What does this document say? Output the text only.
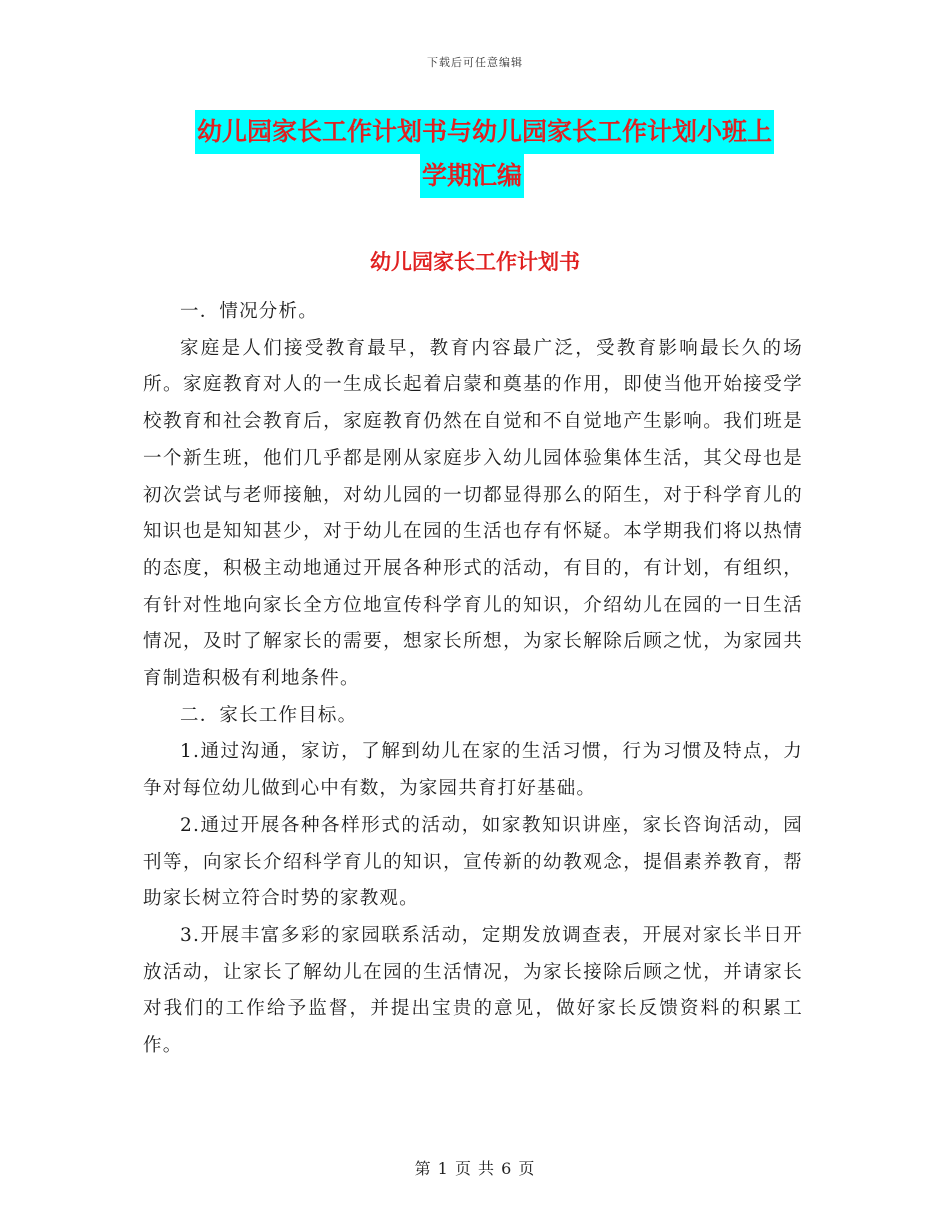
下载后可任意编辑
幼儿园家长工作计划书与幼儿园家长工作计划小班上
学期汇编
幼儿园家长工作计划书

一．情况分析。

家庭是人们接受教育最早，教育内容最广泛，受教育影响最长久的场所。家庭教育对人的一生成长起着启蒙和奠基的作用，即使当他开始接受学校教育和社会教育后，家庭教育仍然在自觉和不自觉地产生影响。我们班是一个新生班，他们几乎都是刚从家庭步入幼儿园体验集体生活，其父母也是初次尝试与老师接触，对幼儿园的一切都显得那么的陌生，对于科学育儿的知识也是知知甚少，对于幼儿在园的生活也存有怀疑。本学期我们将以热情的态度，积极主动地通过开展各种形式的活动，有目的，有计划，有组织，有针对性地向家长全方位地宣传科学育儿的知识，介绍幼儿在园的一日生活情况，及时了解家长的需要，想家长所想，为家长解除后顾之忧，为家园共育制造积极有利地条件。

二．家长工作目标。

1.通过沟通，家访，了解到幼儿在家的生活习惯，行为习惯及特点，力争对每位幼儿做到心中有数，为家园共育打好基础。

2.通过开展各种各样形式的活动，如家教知识讲座，家长咨询活动，园刊等，向家长介绍科学育儿的知识，宣传新的幼教观念，提倡素养教育，帮助家长树立符合时势的家教观。

3.开展丰富多彩的家园联系活动，定期发放调查表，开展对家长半日开放活动，让家长了解幼儿在园的生活情况，为家长接除后顾之忧，并请家长对我们的工作给予监督，并提出宝贵的意见，做好家长反馈资料的积累工作。

第 1 页 共 6 页
